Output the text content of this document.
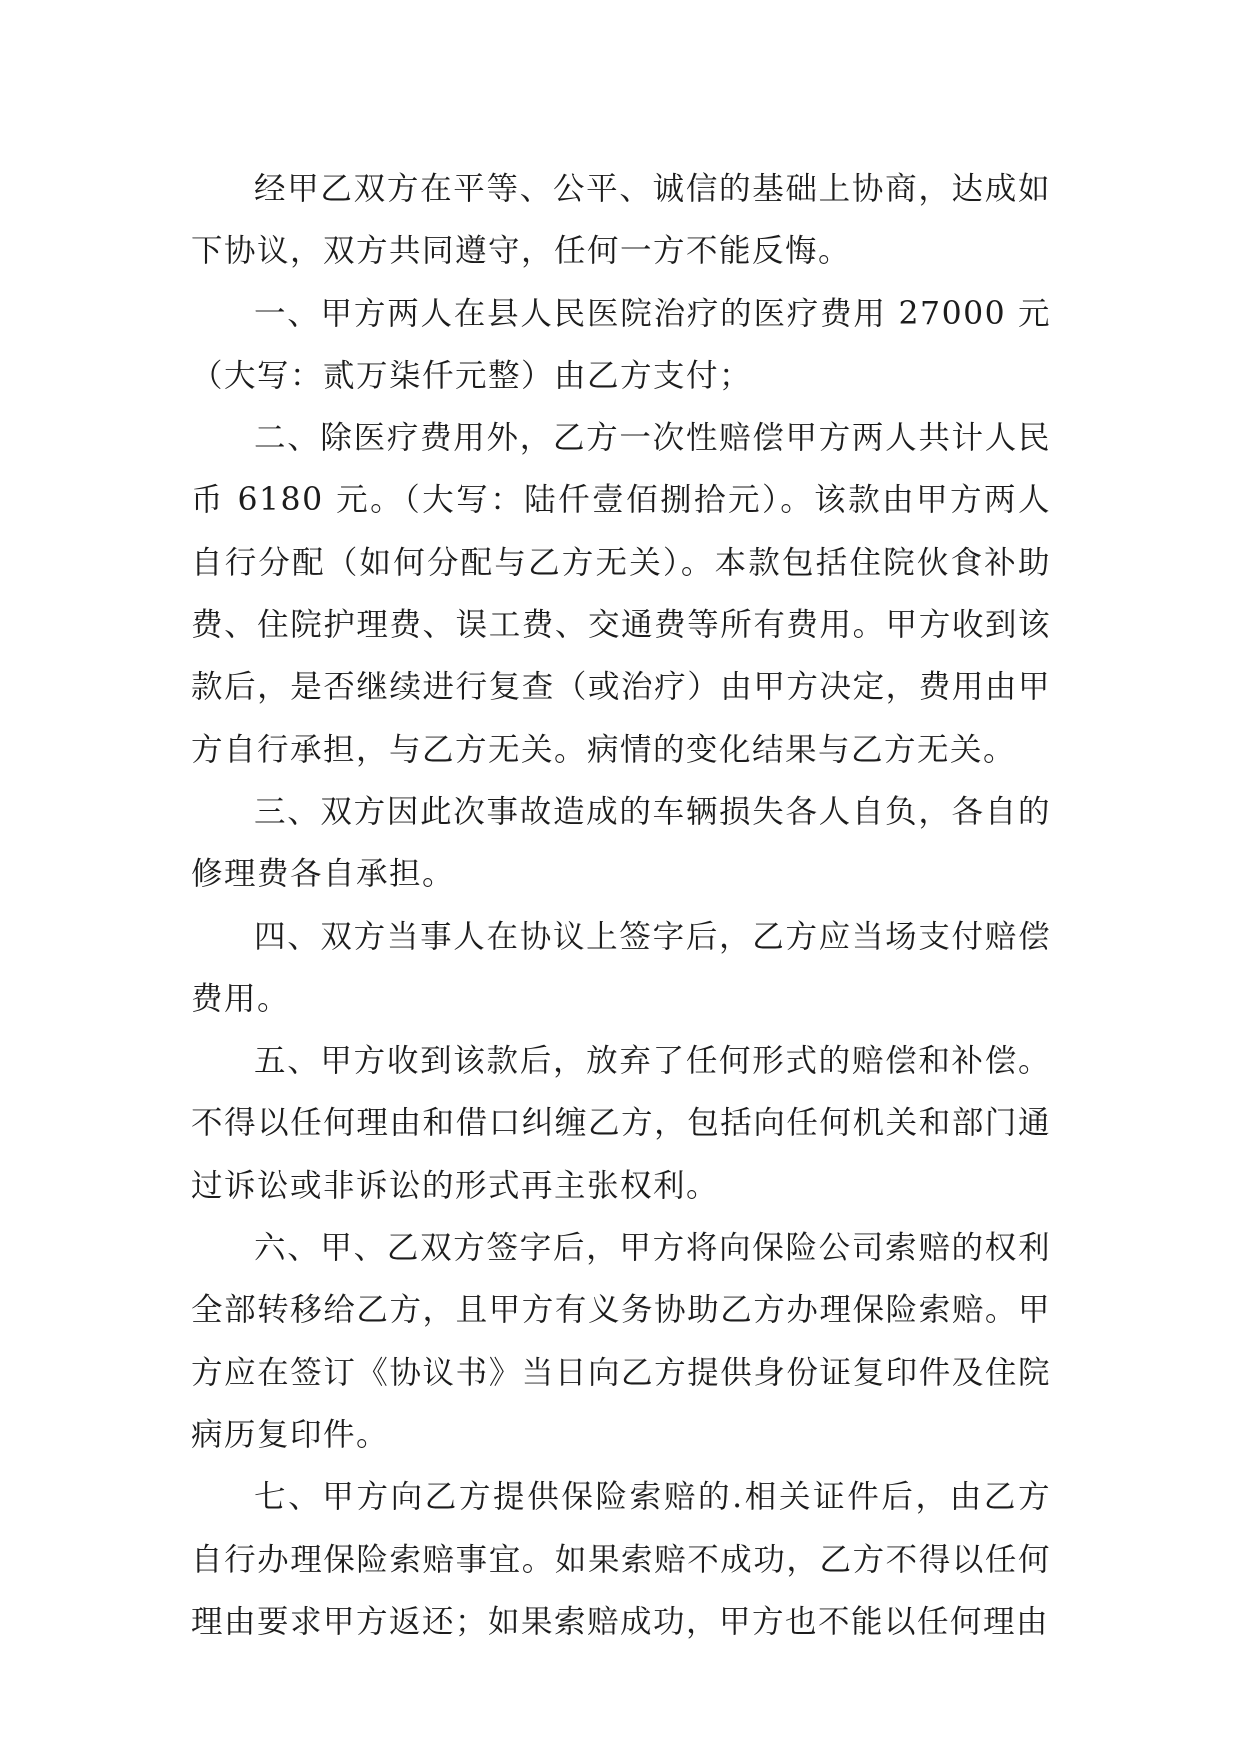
经甲乙双方在平等、公平、诚信的基础上协商，达成如下协议，双方共同遵守，任何一方不能反悔。

一、甲方两人在县人民医院治疗的医疗费用 27000 元（大写：贰万柒仟元整）由乙方支付；

二、除医疗费用外，乙方一次性赔偿甲方两人共计人民币 6180 元。（大写：陆仟壹佰捌拾元）。该款由甲方两人自行分配（如何分配与乙方无关）。本款包括住院伙食补助费、住院护理费、误工费、交通费等所有费用。甲方收到该款后，是否继续进行复查（或治疗）由甲方决定，费用由甲方自行承担，与乙方无关。病情的变化结果与乙方无关。

三、双方因此次事故造成的车辆损失各人自负，各自的修理费各自承担。

四、双方当事人在协议上签字后，乙方应当场支付赔偿费用。

五、甲方收到该款后，放弃了任何形式的赔偿和补偿。不得以任何理由和借口纠缠乙方，包括向任何机关和部门通过诉讼或非诉讼的形式再主张权利。

六、甲、乙双方签字后，甲方将向保险公司索赔的权利全部转移给乙方，且甲方有义务协助乙方办理保险索赔。甲方应在签订《协议书》当日向乙方提供身份证复印件及住院病历复印件。

七、甲方向乙方提供保险索赔的.相关证件后，由乙方自行办理保险索赔事宜。如果索赔不成功，乙方不得以任何理由要求甲方返还；如果索赔成功，甲方也不能以任何理由
